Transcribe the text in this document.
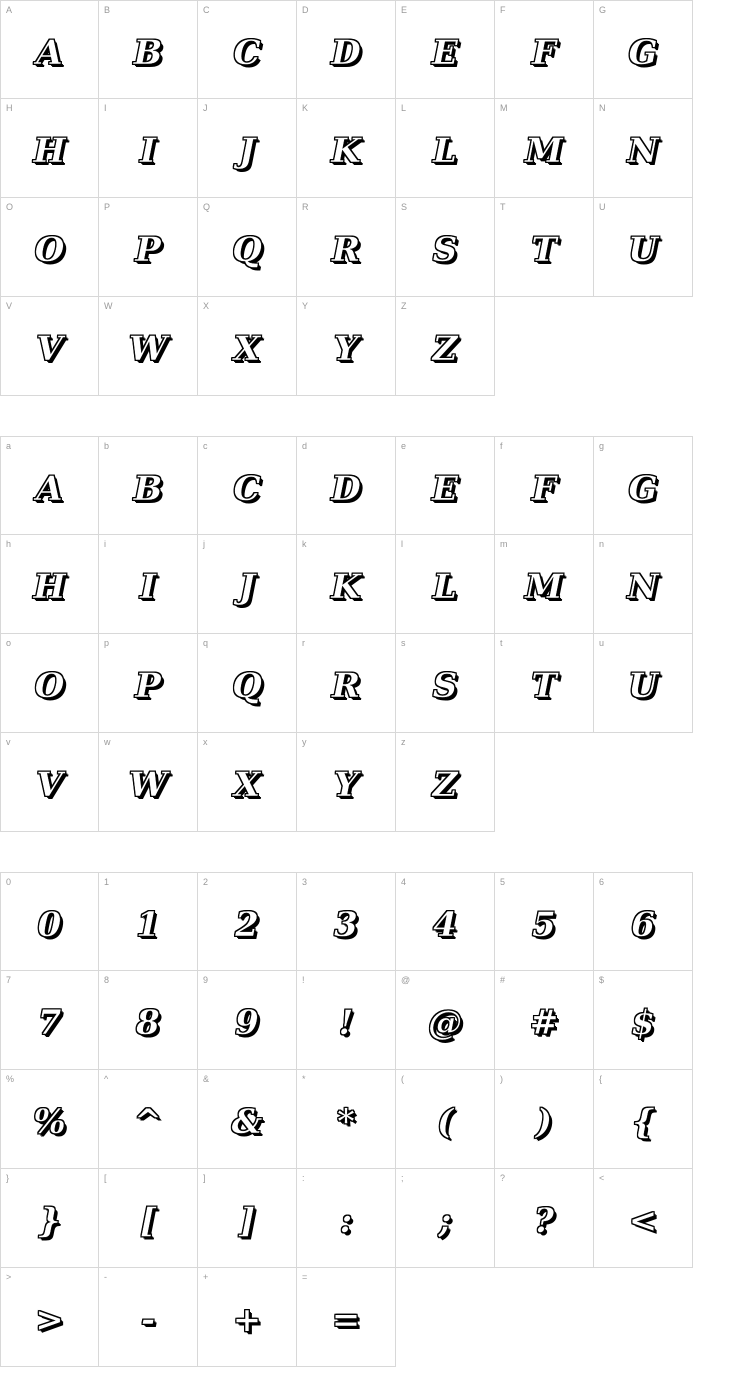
A
A
B
B
C
C
D
D
E
E
F
F
G
G
H
H
I
I
J
J
K
K
L
L
M
M
N
N
O
O
P
P
Q
Q
R
R
S
S
T
T
U
U
V
V
W
W
X
X
Y
Y
Z
Z
a
A
b
B
c
C
d
D
e
E
f
F
g
G
h
H
i
I
j
J
k
K
l
L
m
M
n
N
o
O
p
P
q
Q
r
R
s
S
t
T
u
U
v
V
w
W
x
X
y
Y
z
Z
0
0
1
1
2
2
3
3
4
4
5
5
6
6
7
7
8
8
9
9
!
!
@
@
#
#
$
$
%
%
^
^
&
&
*
*
(
(
)
)
{
{
}
}
[
[
]
]
:
:
;
;
?
?
<
<
>
>
-
-
+
+
=
=
